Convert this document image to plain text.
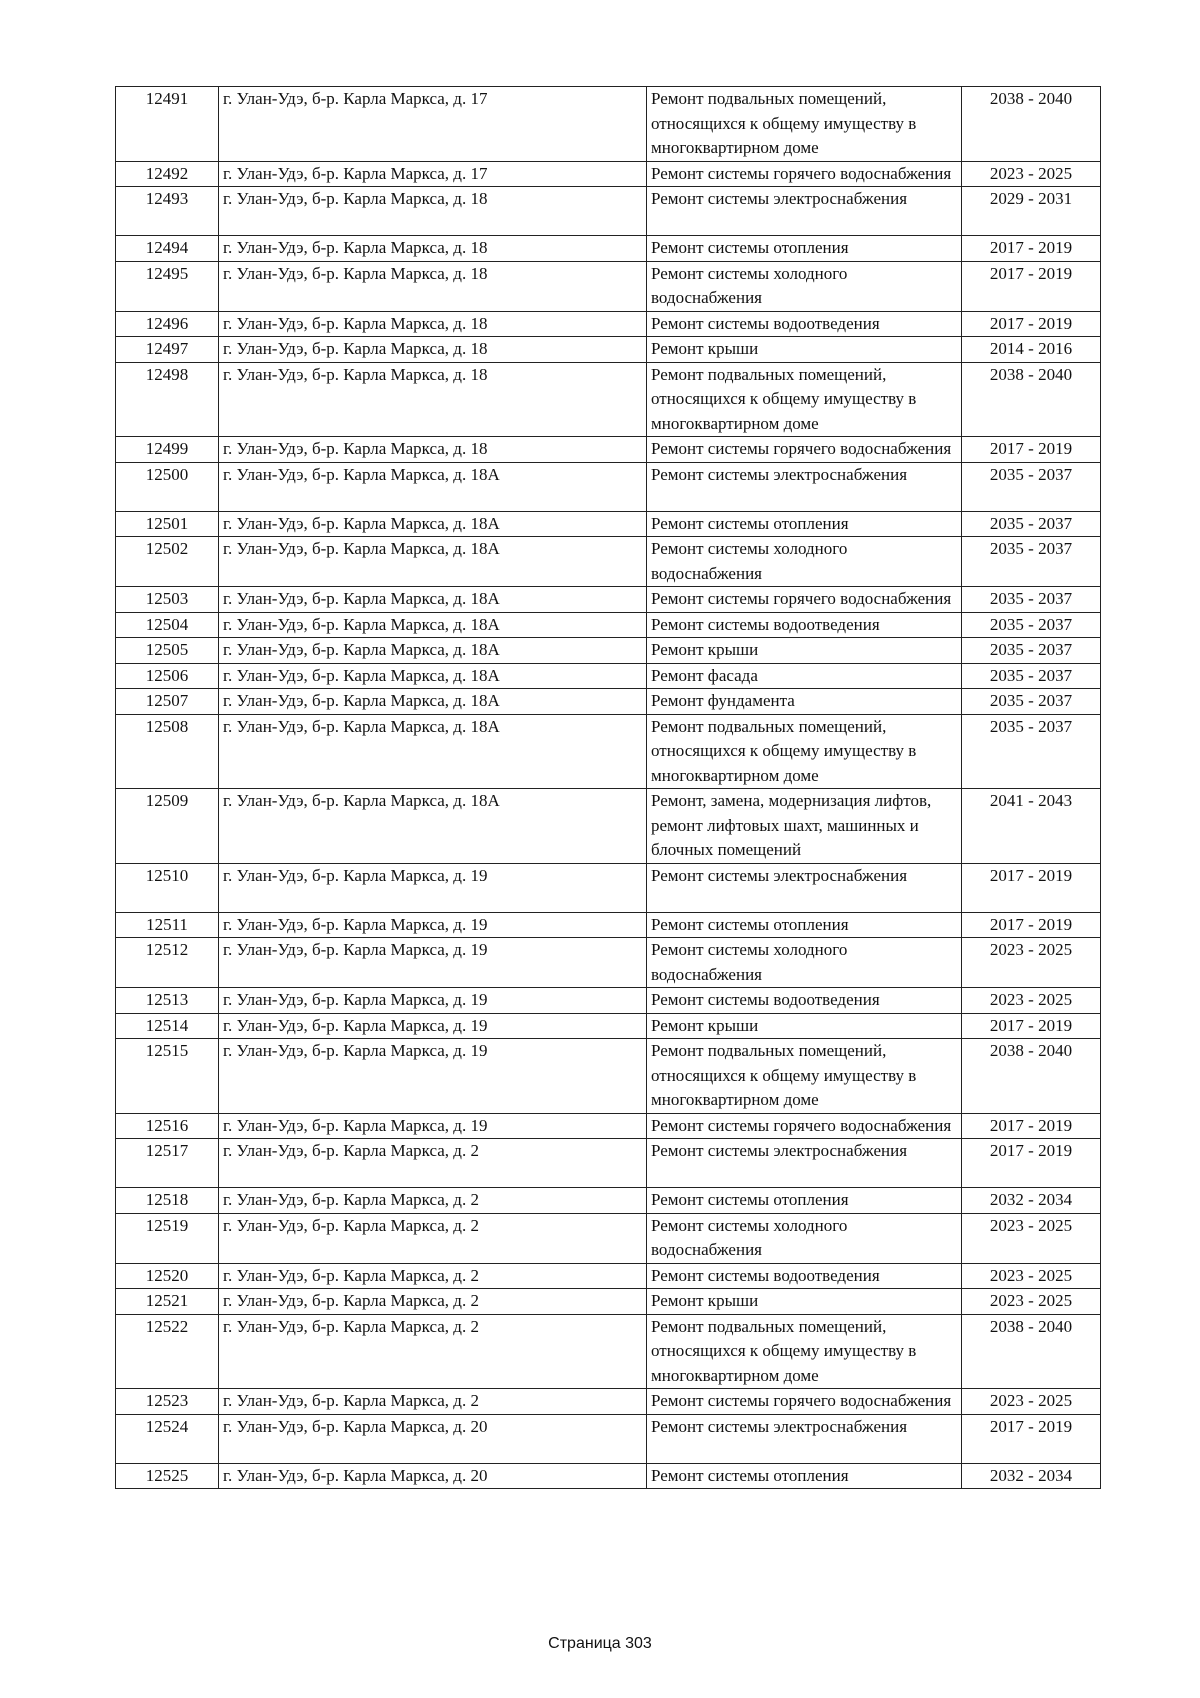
12491	г. Улан-Удэ, б-р. Карла Маркса, д. 17	Ремонт подвальных помещений, относящихся к общему имуществу в многоквартирном доме	2038 - 2040
12492	г. Улан-Удэ, б-р. Карла Маркса, д. 17	Ремонт системы горячего водоснабжения	2023 - 2025
12493	г. Улан-Удэ, б-р. Карла Маркса, д. 18	Ремонт системы электроснабжения	2029 - 2031
12494	г. Улан-Удэ, б-р. Карла Маркса, д. 18	Ремонт системы отопления	2017 - 2019
12495	г. Улан-Удэ, б-р. Карла Маркса, д. 18	Ремонт системы холодного водоснабжения	2017 - 2019
12496	г. Улан-Удэ, б-р. Карла Маркса, д. 18	Ремонт системы водоотведения	2017 - 2019
12497	г. Улан-Удэ, б-р. Карла Маркса, д. 18	Ремонт крыши	2014 - 2016
12498	г. Улан-Удэ, б-р. Карла Маркса, д. 18	Ремонт подвальных помещений, относящихся к общему имуществу в многоквартирном доме	2038 - 2040
12499	г. Улан-Удэ, б-р. Карла Маркса, д. 18	Ремонт системы горячего водоснабжения	2017 - 2019
12500	г. Улан-Удэ, б-р. Карла Маркса, д. 18А	Ремонт системы электроснабжения	2035 - 2037
12501	г. Улан-Удэ, б-р. Карла Маркса, д. 18А	Ремонт системы отопления	2035 - 2037
12502	г. Улан-Удэ, б-р. Карла Маркса, д. 18А	Ремонт системы холодного водоснабжения	2035 - 2037
12503	г. Улан-Удэ, б-р. Карла Маркса, д. 18А	Ремонт системы горячего водоснабжения	2035 - 2037
12504	г. Улан-Удэ, б-р. Карла Маркса, д. 18А	Ремонт системы водоотведения	2035 - 2037
12505	г. Улан-Удэ, б-р. Карла Маркса, д. 18А	Ремонт крыши	2035 - 2037
12506	г. Улан-Удэ, б-р. Карла Маркса, д. 18А	Ремонт фасада	2035 - 2037
12507	г. Улан-Удэ, б-р. Карла Маркса, д. 18А	Ремонт фундамента	2035 - 2037
12508	г. Улан-Удэ, б-р. Карла Маркса, д. 18А	Ремонт подвальных помещений, относящихся к общему имуществу в многоквартирном доме	2035 - 2037
12509	г. Улан-Удэ, б-р. Карла Маркса, д. 18А	Ремонт, замена, модернизация лифтов, ремонт лифтовых шахт, машинных и блочных помещений	2041 - 2043
12510	г. Улан-Удэ, б-р. Карла Маркса, д. 19	Ремонт системы электроснабжения	2017 - 2019
12511	г. Улан-Удэ, б-р. Карла Маркса, д. 19	Ремонт системы отопления	2017 - 2019
12512	г. Улан-Удэ, б-р. Карла Маркса, д. 19	Ремонт системы холодного водоснабжения	2023 - 2025
12513	г. Улан-Удэ, б-р. Карла Маркса, д. 19	Ремонт системы водоотведения	2023 - 2025
12514	г. Улан-Удэ, б-р. Карла Маркса, д. 19	Ремонт крыши	2017 - 2019
12515	г. Улан-Удэ, б-р. Карла Маркса, д. 19	Ремонт подвальных помещений, относящихся к общему имуществу в многоквартирном доме	2038 - 2040
12516	г. Улан-Удэ, б-р. Карла Маркса, д. 19	Ремонт системы горячего водоснабжения	2017 - 2019
12517	г. Улан-Удэ, б-р. Карла Маркса, д. 2	Ремонт системы электроснабжения	2017 - 2019
12518	г. Улан-Удэ, б-р. Карла Маркса, д. 2	Ремонт системы отопления	2032 - 2034
12519	г. Улан-Удэ, б-р. Карла Маркса, д. 2	Ремонт системы холодного водоснабжения	2023 - 2025
12520	г. Улан-Удэ, б-р. Карла Маркса, д. 2	Ремонт системы водоотведения	2023 - 2025
12521	г. Улан-Удэ, б-р. Карла Маркса, д. 2	Ремонт крыши	2023 - 2025
12522	г. Улан-Удэ, б-р. Карла Маркса, д. 2	Ремонт подвальных помещений, относящихся к общему имуществу в многоквартирном доме	2038 - 2040
12523	г. Улан-Удэ, б-р. Карла Маркса, д. 2	Ремонт системы горячего водоснабжения	2023 - 2025
12524	г. Улан-Удэ, б-р. Карла Маркса, д. 20	Ремонт системы электроснабжения	2017 - 2019
12525	г. Улан-Удэ, б-р. Карла Маркса, д. 20	Ремонт системы отопления	2032 - 2034
Страница 303
